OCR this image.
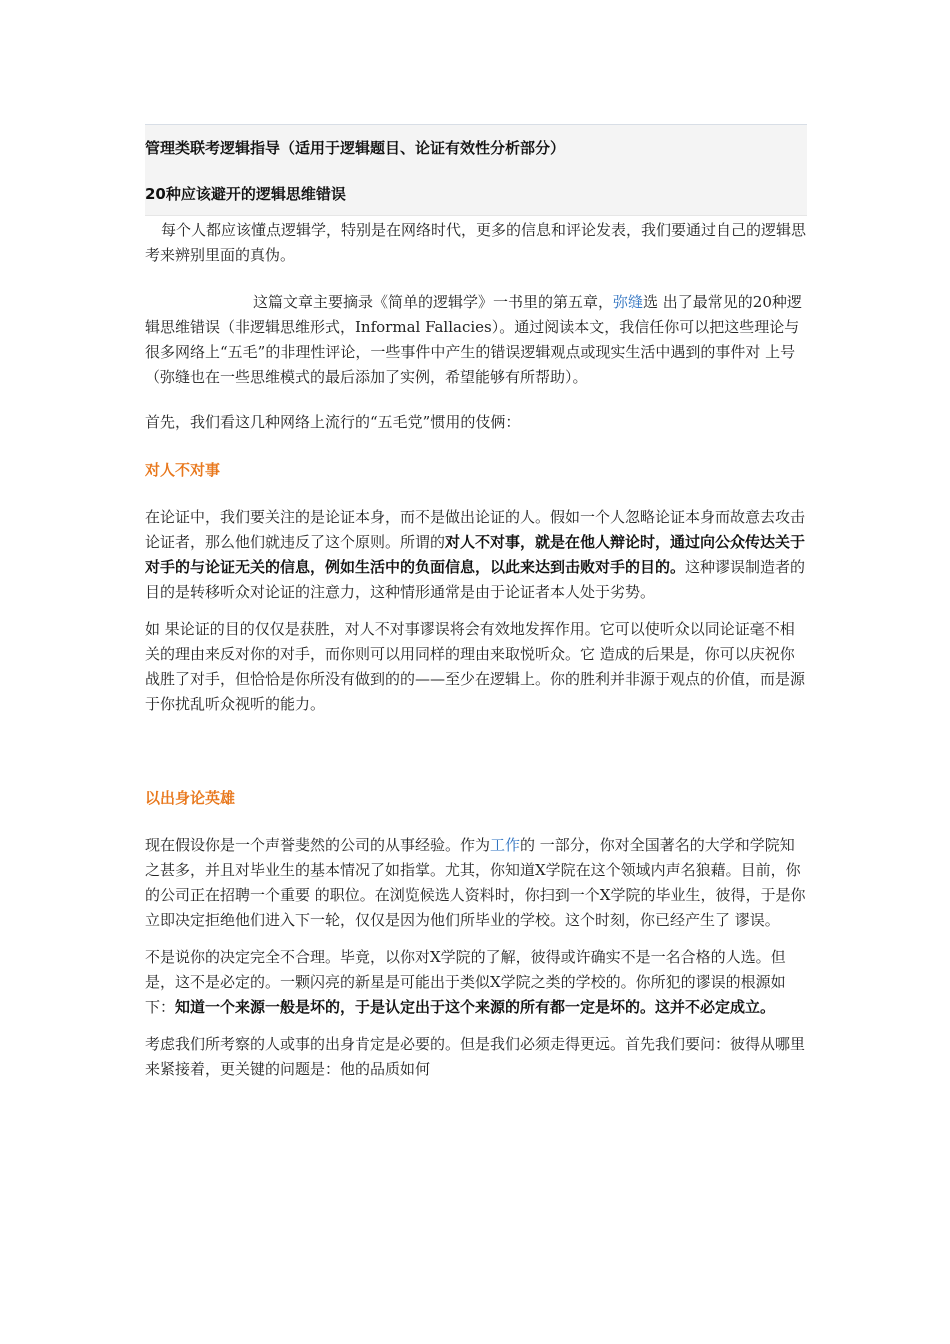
管理类联考逻辑指导（适用于逻辑题目、论证有效性分析部分）
20种应该避开的逻辑思维错误

每个人都应该懂点逻辑学，特别是在网络时代，更多的信息和评论发表，我们要通过自己的逻辑思考来辨别里面的真伪。

这篇文章主要摘录《简单的逻辑学》一书里的第五章，弥缝选 出了最常见的20种逻辑思维错误（非逻辑思维形式，Informal Fallacies）。通过阅读本文，我信任你可以把这些理论与很多网络上“五毛”的非理性评论，一些事件中产生的错误逻辑观点或现实生活中遇到的事件对 上号（弥缝也在一些思维模式的最后添加了实例，希望能够有所帮助）。

首先，我们看这几种网络上流行的“五毛党”惯用的伎俩：

对人不对事

在论证中，我们要关注的是论证本身，而不是做出论证的人。假如一个人忽略论证本身而故意去攻击论证者，那么他们就违反了这个原则。所谓的对人不对事，就是在他人辩论时，通过向公众传达关于对手的与论证无关的信息，例如生活中的负面信息，以此来达到击败对手的目的。这种谬误制造者的目的是转移听众对论证的注意力，这种情形通常是由于论证者本人处于劣势。

如 果论证的目的仅仅是获胜，对人不对事谬误将会有效地发挥作用。它可以使听众以同论证毫不相关的理由来反对你的对手，而你则可以用同样的理由来取悦听众。它 造成的后果是，你可以庆祝你战胜了对手，但恰恰是你所没有做到的的——至少在逻辑上。你的胜利并非源于观点的价值，而是源于你扰乱听众视听的能力。

以出身论英雄

现在假设你是一个声誉斐然的公司的从事经验。作为工作的 一部分，你对全国著名的大学和学院知之甚多，并且对毕业生的基本情况了如指掌。尤其，你知道X学院在这个领域内声名狼藉。目前，你的公司正在招聘一个重要 的职位。在浏览候选人资料时，你扫到一个X学院的毕业生，彼得，于是你立即决定拒绝他们进入下一轮，仅仅是因为他们所毕业的学校。这个时刻，你已经产生了 谬误。

不是说你的决定完全不合理。毕竟，以你对X学院的了解，彼得或许确实不是一名合格的人选。但是，这不是必定的。一颗闪亮的新星是可能出于类似X学院之类的学校的。你所犯的谬误的根源如下：知道一个来源一般是坏的，于是认定出于这个来源的所有都一定是坏的。这并不必定成立。

考虑我们所考察的人或事的出身肯定是必要的。但是我们必须走得更远。首先我们要问：彼得从哪里来紧接着，更关键的问题是：他的品质如何
